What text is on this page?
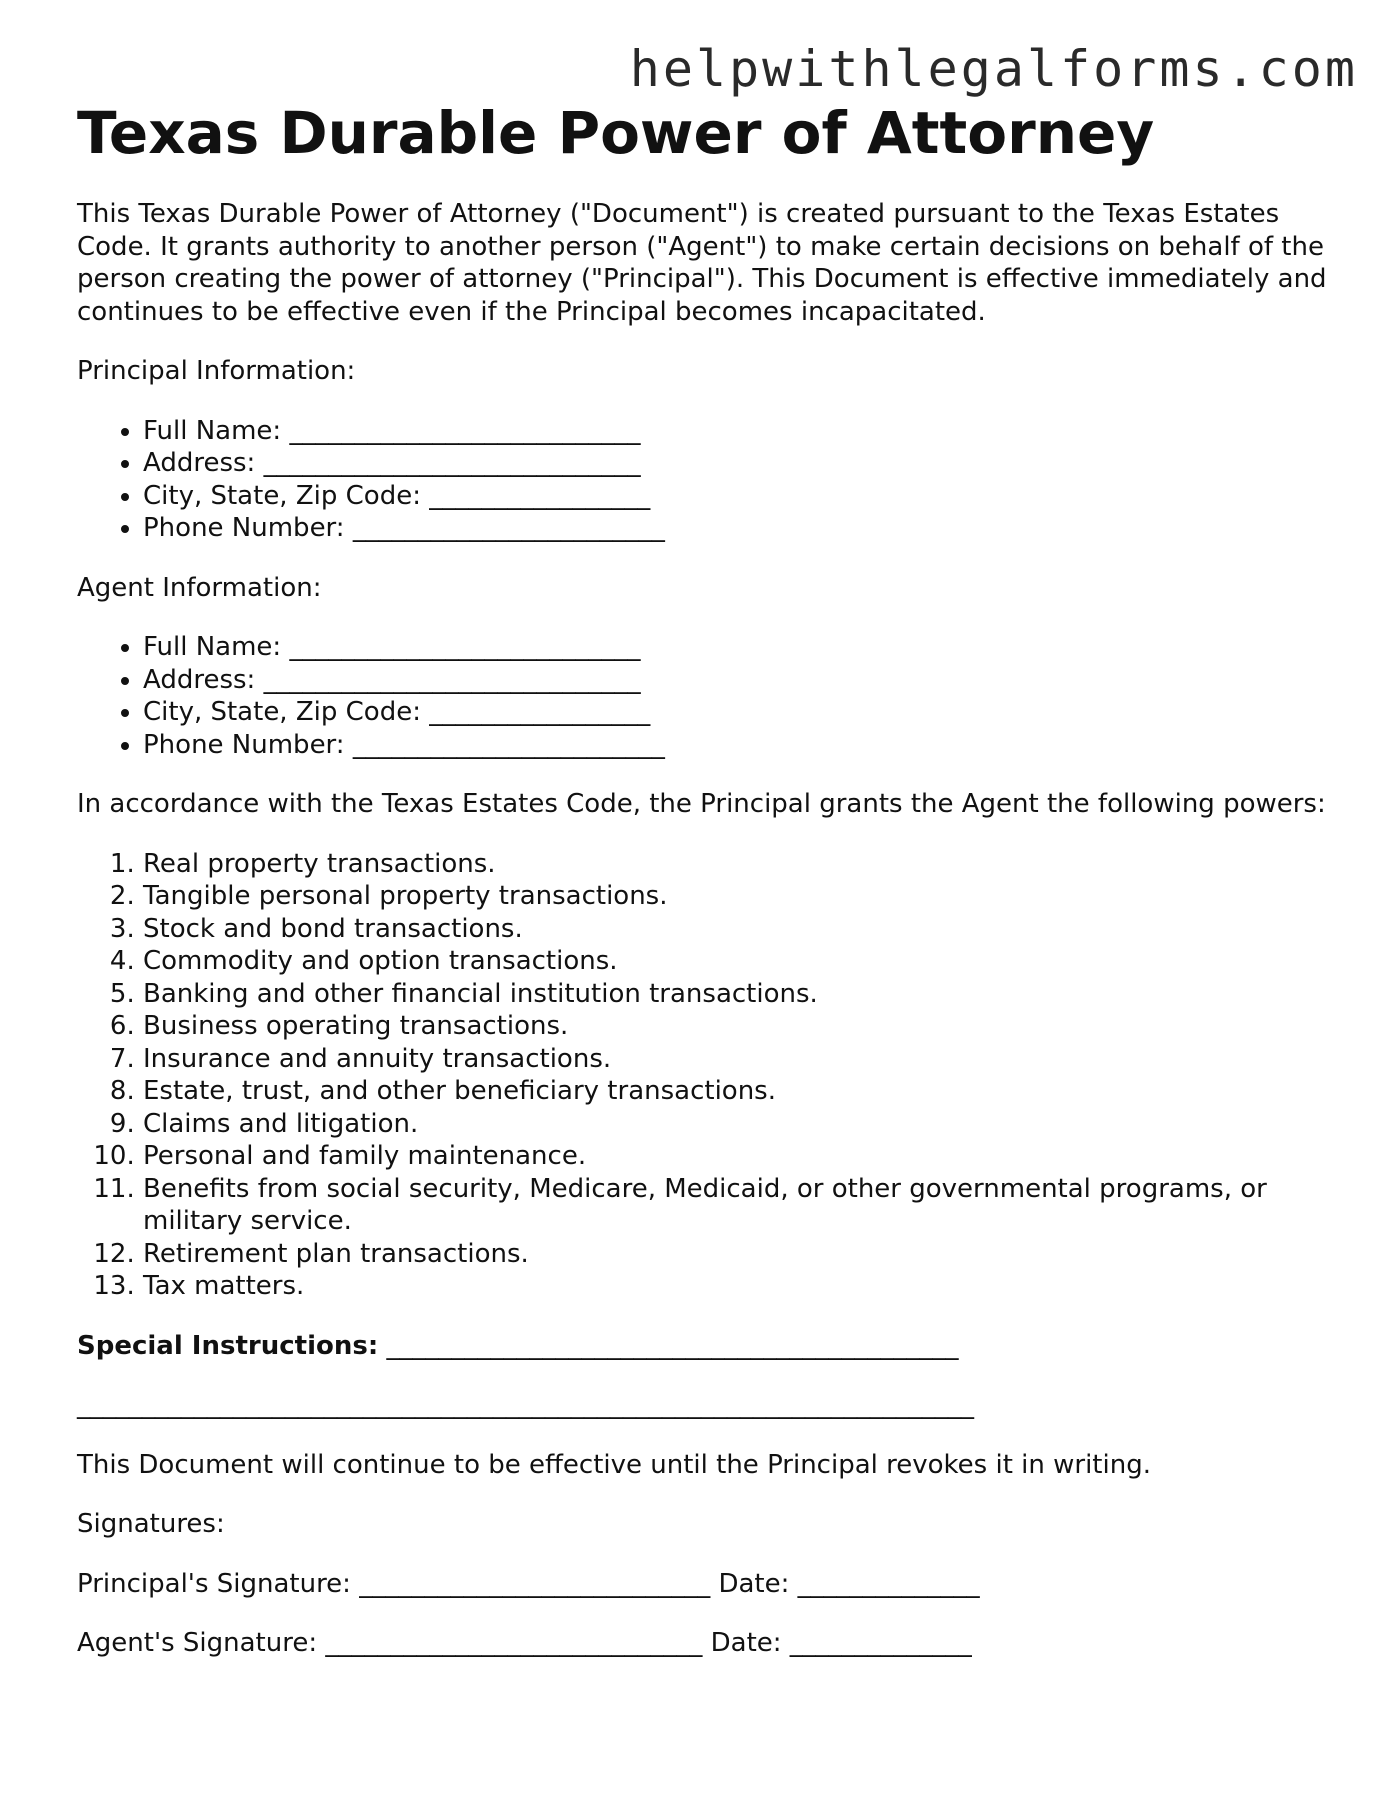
helpwithlegalforms.com
Texas Durable Power of Attorney

This Texas Durable Power of Attorney ("Document") is created pursuant to the Texas Estates Code. It grants authority to another person ("Agent") to make certain decisions on behalf of the person creating the power of attorney ("Principal"). This Document is effective immediately and continues to be effective even if the Principal becomes incapacitated.

Principal Information:

• Full Name: ___________________________
• Address: _____________________________
• City, State, Zip Code: _________________
• Phone Number: ________________________

Agent Information:

• Full Name: ___________________________
• Address: _____________________________
• City, State, Zip Code: _________________
• Phone Number: ________________________

In accordance with the Texas Estates Code, the Principal grants the Agent the following powers:

1. Real property transactions.
2. Tangible personal property transactions.
3. Stock and bond transactions.
4. Commodity and option transactions.
5. Banking and other financial institution transactions.
6. Business operating transactions.
7. Insurance and annuity transactions.
8. Estate, trust, and other beneficiary transactions.
9. Claims and litigation.
10. Personal and family maintenance.
11. Benefits from social security, Medicare, Medicaid, or other governmental programs, or military service.
12. Retirement plan transactions.
13. Tax matters.

Special Instructions: ____________________________________________

_____________________________________________________________________

This Document will continue to be effective until the Principal revokes it in writing.

Signatures:

Principal's Signature: ___________________________ Date: ______________

Agent's Signature: _____________________________ Date: ______________
